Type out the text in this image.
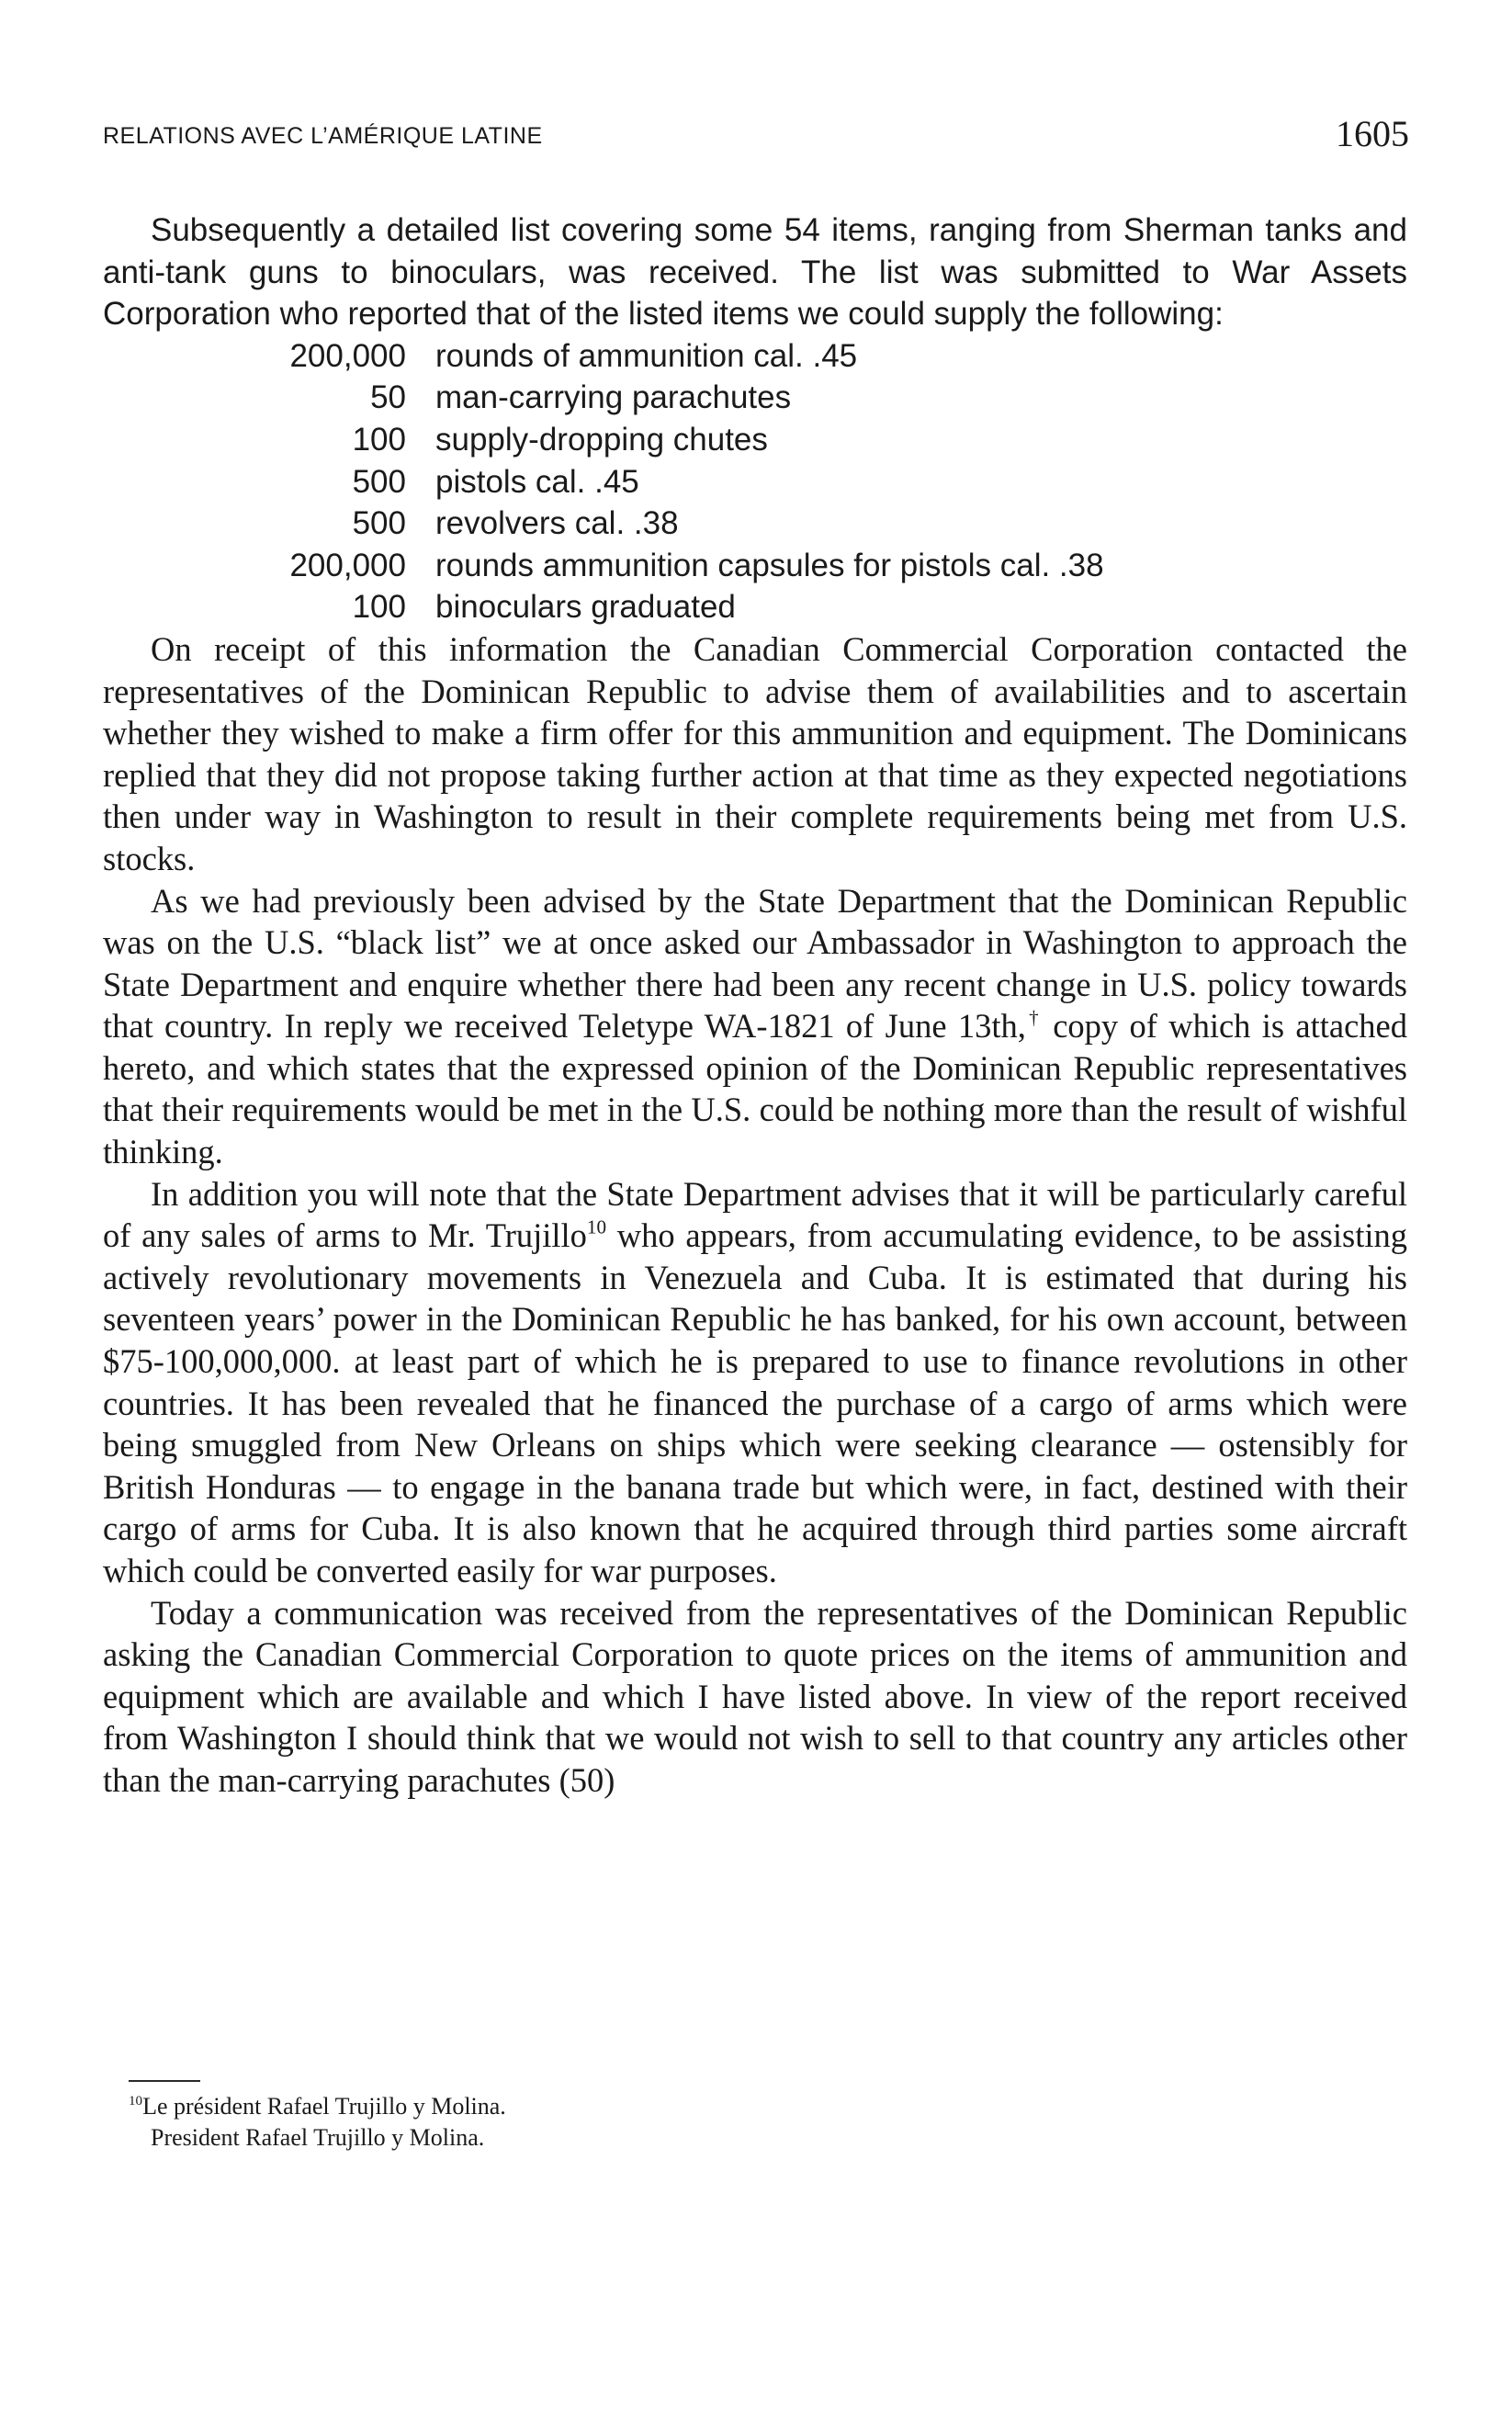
RELATIONS AVEC L’AMÉRIQUE LATINE	1605

Subsequently a detailed list covering some 54 items, ranging from Sherman tanks and anti-tank guns to binoculars, was received. The list was submitted to War Assets Corporation who reported that of the listed items we could supply the following:

200,000 rounds of ammunition cal. .45
50 man-carrying parachutes
100 supply-dropping chutes
500 pistols cal. .45
500 revolvers cal. .38
200,000 rounds ammunition capsules for pistols cal. .38
100 binoculars graduated

On receipt of this information the Canadian Commercial Corporation contacted the representatives of the Dominican Republic to advise them of availabilities and to ascertain whether they wished to make a firm offer for this ammunition and equipment. The Dominicans replied that they did not propose taking further action at that time as they expected negotiations then under way in Washington to result in their complete requirements being met from U.S. stocks.

As we had previously been advised by the State Department that the Dominican Republic was on the U.S. “black list” we at once asked our Ambassador in Washington to approach the State Department and enquire whether there had been any recent change in U.S. policy towards that country. In reply we received Teletype WA-1821 of June 13th,† copy of which is attached hereto, and which states that the expressed opinion of the Dominican Republic representatives that their requirements would be met in the U.S. could be nothing more than the result of wishful thinking.

In addition you will note that the State Department advises that it will be particularly careful of any sales of arms to Mr. Trujillo$^{10}$ who appears, from accumulating evidence, to be assisting actively revolutionary movements in Venezuela and Cuba. It is estimated that during his seventeen years’ power in the Dominican Republic he has banked, for his own account, between $75-100,000,000. at least part of which he is prepared to use to finance revolutions in other countries. It has been revealed that he financed the purchase of a cargo of arms which were being smuggled from New Orleans on ships which were seeking clearance — ostensibly for British Honduras — to engage in the banana trade but which were, in fact, destined with their cargo of arms for Cuba. It is also known that he acquired through third parties some aircraft which could be converted easily for war purposes.

Today a communication was received from the representatives of the Dominican Republic asking the Canadian Commercial Corporation to quote prices on the items of ammunition and equipment which are available and which I have listed above. In view of the report received from Washington I should think that we would not wish to sell to that country any articles other than the man-carrying parachutes (50)

$^{10}$Le président Rafael Trujillo y Molina.

President Rafael Trujillo y Molina.
